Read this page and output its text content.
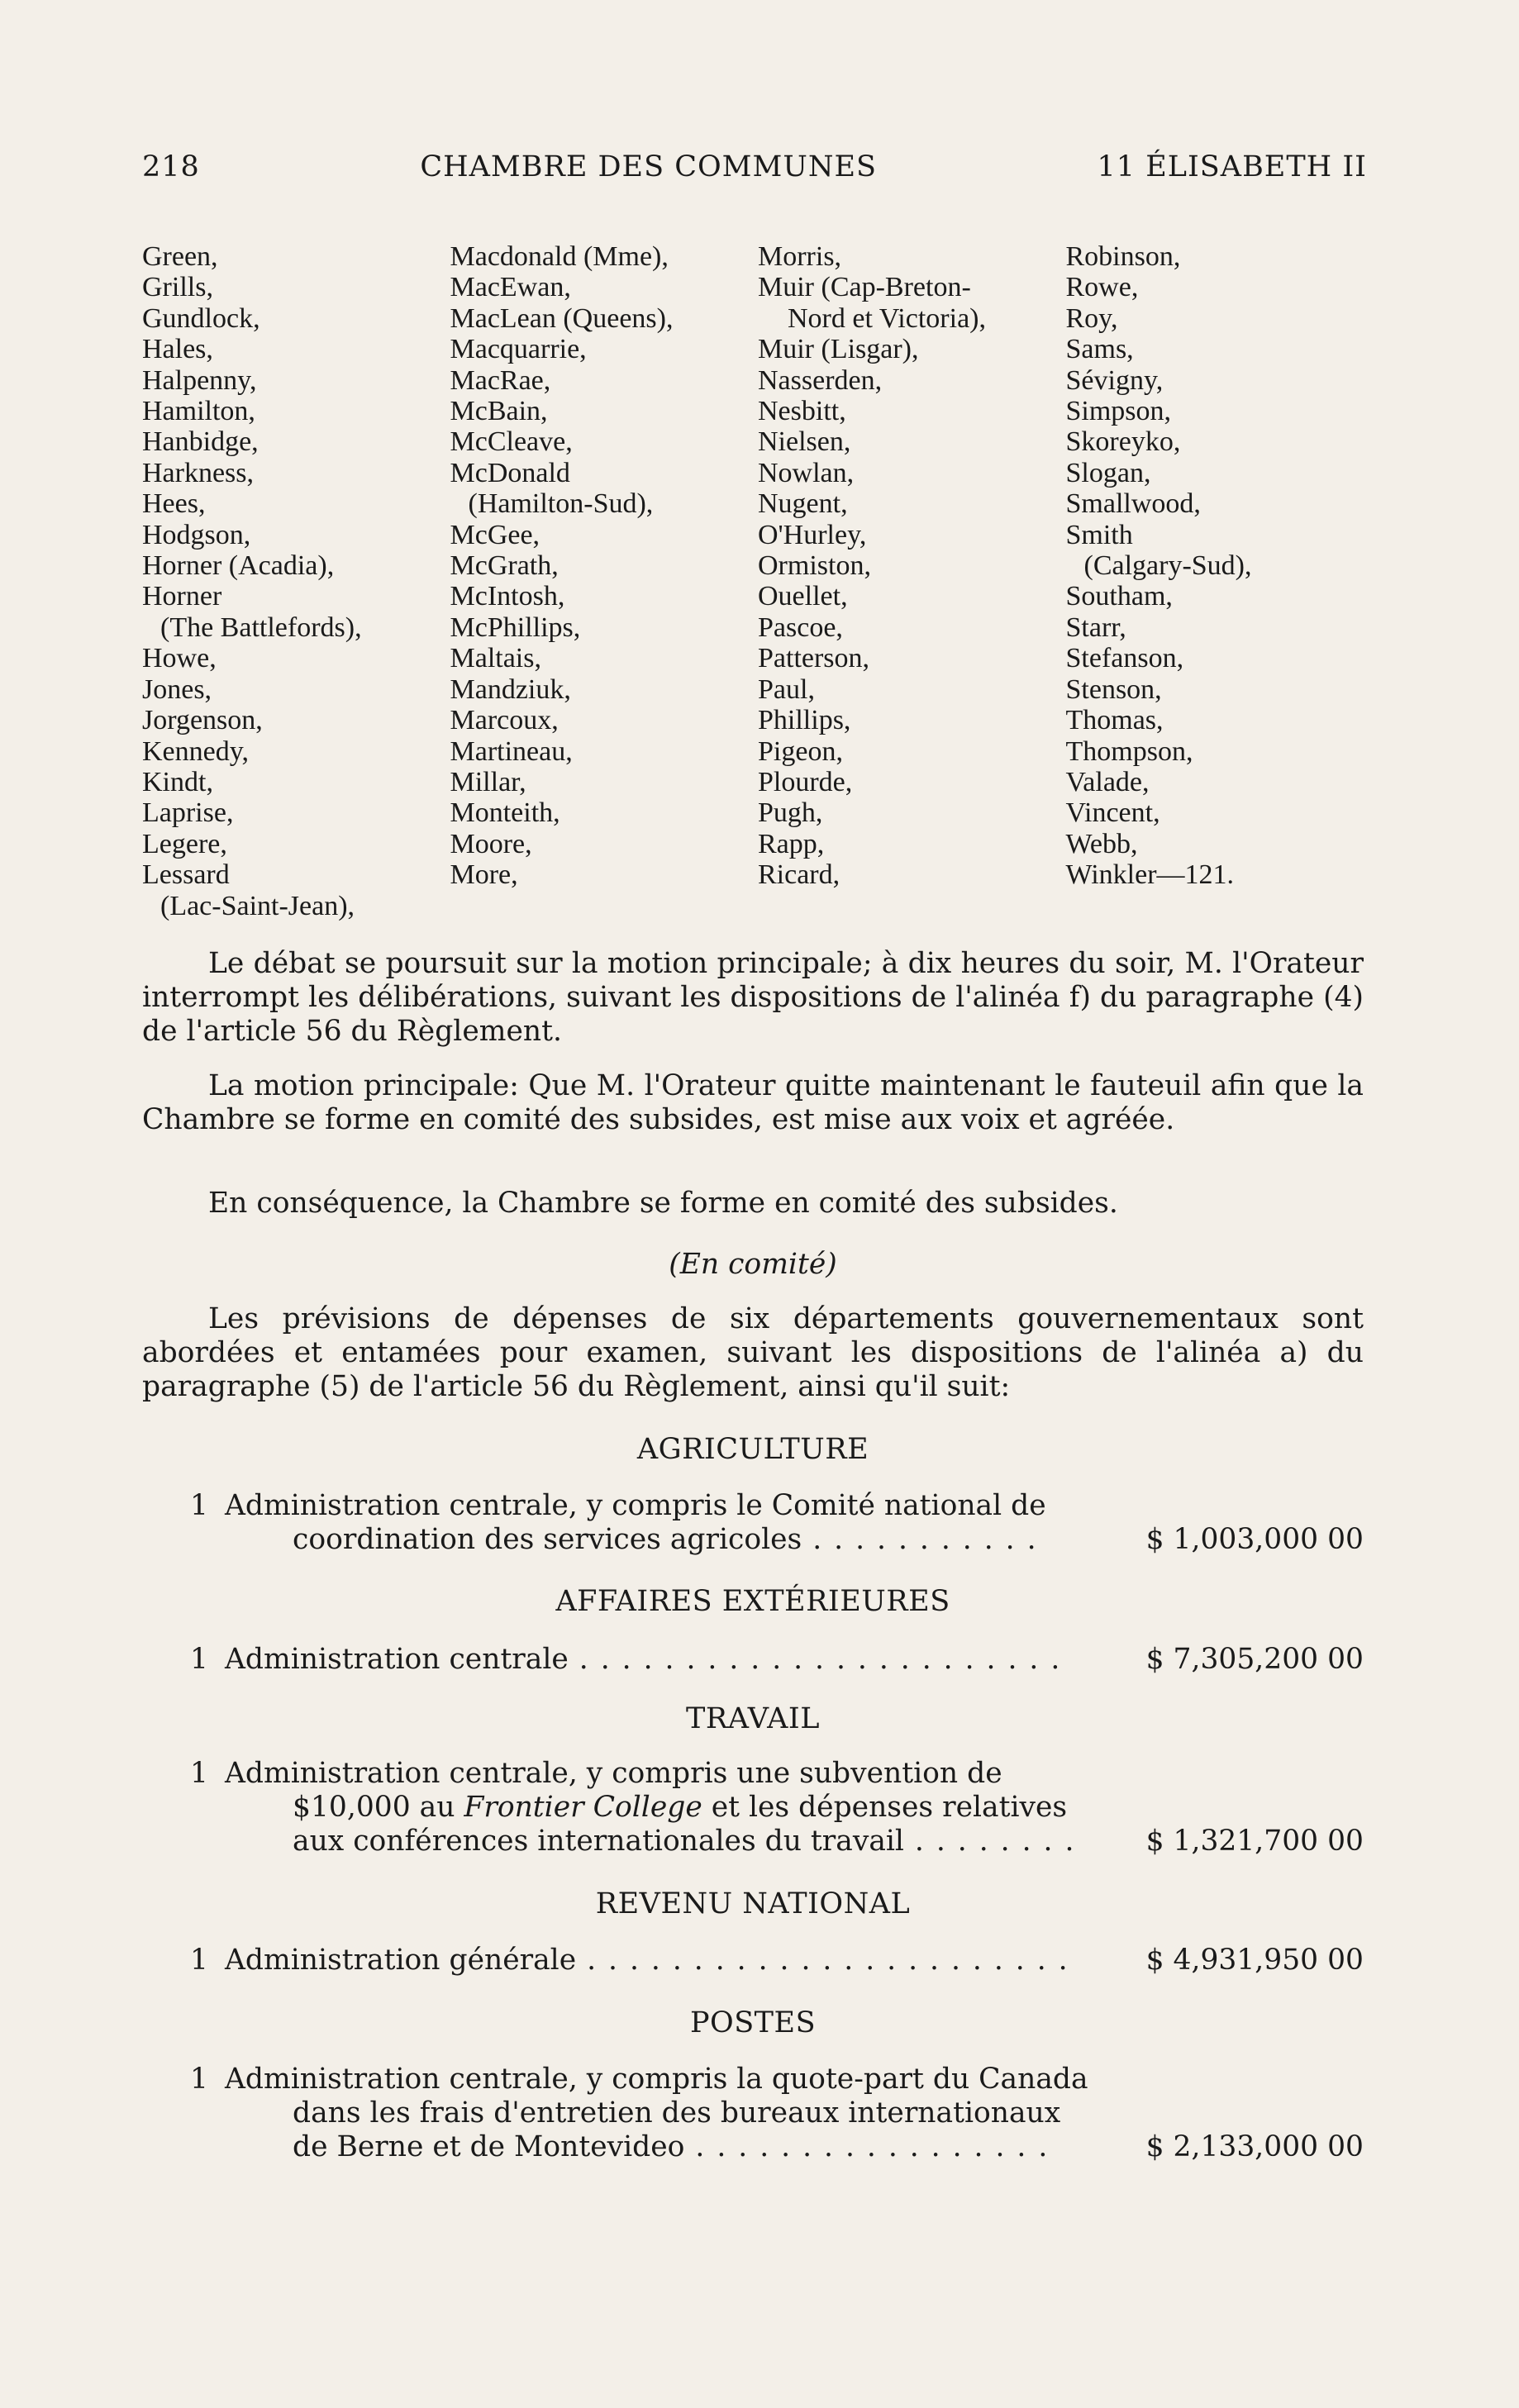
218	CHAMBRE DES COMMUNES	11 ÉLISABETH II
Green,
Grills,
Gundlock,
Hales,
Halpenny,
Hamilton,
Hanbidge,
Harkness,
Hees,
Hodgson,
Horner (Acadia),
Horner
(The Battlefords),
Howe,
Jones,
Jorgenson,
Kennedy,
Kindt,
Laprise,
Legere,
Lessard
(Lac-Saint-Jean),
Macdonald (Mme),
MacEwan,
MacLean (Queens),
Macquarrie,
MacRae,
McBain,
McCleave,
McDonald
(Hamilton-Sud),
McGee,
McGrath,
McIntosh,
McPhillips,
Maltais,
Mandziuk,
Marcoux,
Martineau,
Millar,
Monteith,
Moore,
More,
Morris,
Muir (Cap-Breton-
Nord et Victoria),
Muir (Lisgar),
Nasserden,
Nesbitt,
Nielsen,
Nowlan,
Nugent,
O'Hurley,
Ormiston,
Ouellet,
Pascoe,
Patterson,
Paul,
Phillips,
Pigeon,
Plourde,
Pugh,
Rapp,
Ricard,
Robinson,
Rowe,
Roy,
Sams,
Sévigny,
Simpson,
Skoreyko,
Slogan,
Smallwood,
Smith
(Calgary-Sud),
Southam,
Starr,
Stefanson,
Stenson,
Thomas,
Thompson,
Valade,
Vincent,
Webb,
Winkler—121.
Le débat se poursuit sur la motion principale; à dix heures du soir, M. l'Orateur interrompt les délibérations, suivant les dispositions de l'alinéa f) du paragraphe (4) de l'article 56 du Règlement.
La motion principale: Que M. l'Orateur quitte maintenant le fauteuil afin que la Chambre se forme en comité des subsides, est mise aux voix et agréée.
En conséquence, la Chambre se forme en comité des subsides.
(En comité)
Les prévisions de dépenses de six départements gouvernementaux sont abordées et entamées pour examen, suivant les dispositions de l'alinéa a) du paragraphe (5) de l'article 56 du Règlement, ainsi qu'il suit:
AGRICULTURE
1 Administration centrale, y compris le Comité national de
coordination des services agricoles . . . . . . . . . . .	$ 1,003,000 00
AFFAIRES EXTÉRIEURES
1 Administration centrale . . . . . . . . . . . . . . . . . . . . . . .	$ 7,305,200 00
TRAVAIL
1 Administration centrale, y compris une subvention de
$10,000 au Frontier College et les dépenses relatives
aux conférences internationales du travail . . . . . . . .	$ 1,321,700 00
REVENU NATIONAL
1 Administration générale . . . . . . . . . . . . . . . . . . . . . . .	$ 4,931,950 00
POSTES
1 Administration centrale, y compris la quote-part du Canada
dans les frais d'entretien des bureaux internationaux
de Berne et de Montevideo . . . . . . . . . . . . . . . . .	$ 2,133,000 00
